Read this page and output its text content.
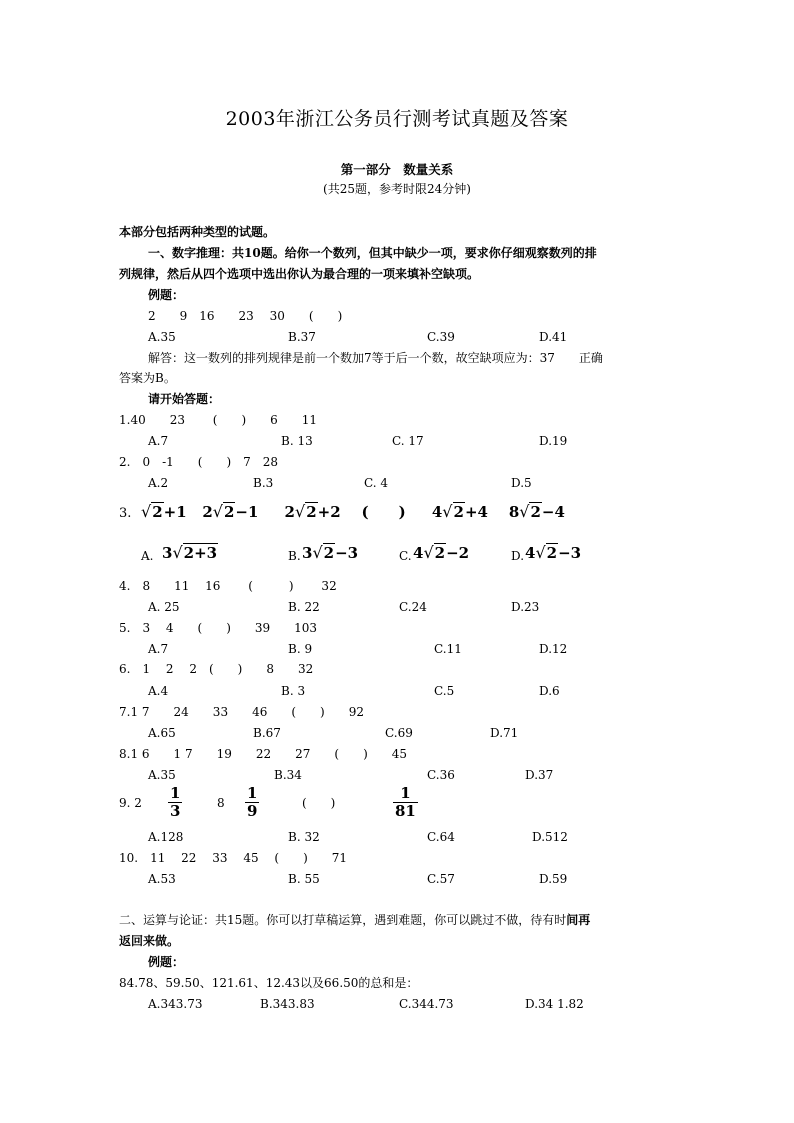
2003年浙江公务员行测考试真题及答案
第一部分　数量关系
(共25题，参考时限24分钟)
本部分包括两种类型的试题。
一、数字推理：共10题。给你一个数列，但其中缺少一项，要求你仔细观察数列的排
列规律，然后从四个选项中选出你认为最合理的一项来填补空缺项。
例题：
2　　9　16　　23　 30　　(　　)
A.35	B.37	C.39	D.41
解答：这一数列的排列规律是前一个数加7等于后一个数，故空缺项应为：37　　正确
答案为B。
请开始答题：
1.40　　23　　 (　　)　　6　　11
A.7	B. 13	C. 17	D.19
2.　0　-1　　(　　)　7　28
A.2	B.3	C. 4	D.5
3. √2+1 2√2−1 2√2+2 (　　) 4√2+4 8√2−4
A. 3√2+3	B. 3√2−3	C. 4√2−2	D. 4√2−3
4.　8　　11　 16　　 (　　　)　　 32
A. 25	B. 22	C.24	D.23
5.　3　 4　　(　　)　　39　　103
A.7	B. 9	C.11	D.12
6.　1　 2　 2　(　　)　　8　　32
A.4	B. 3	C.5	D.6
7.1 7　　24　　33　　46　　(　　)　　92
A.65	B.67	C.69	D.71
8.1 6　　1 7　　19　　22　　27　　(　　)　　45
A.35	B.34	C.36	D.37
9. 2
1
3	8
1
9	(　　)
1
81
A.128	B. 32	C.64	D.512
10.　11　 22　 33　 45　 (　　)　　71
A.53	B. 55	C.57	D.59
二、运算与论证：共15题。你可以打草稿运算，遇到难题，你可以跳过不做，待有时间再
返回来做。
例题：
84.78、59.50、121.61、12.43以及66.50的总和是：
A.343.73	B.343.83	C.344.73	D.34 1.82
